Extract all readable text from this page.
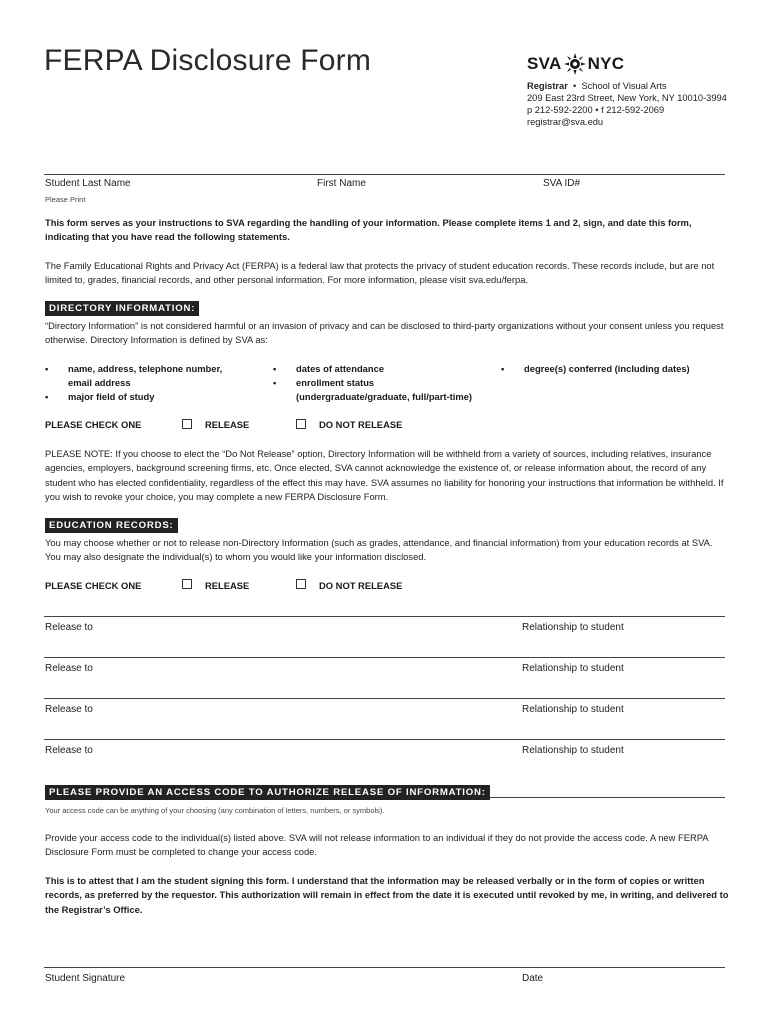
FERPA Disclosure Form	SVA NYC
Registrar  •  School of Visual Arts
209 East 23rd Street, New York, NY 10010-3994
p 212-592-2200 • f 212-592-2069
registrar@sva.edu
Student Last Name
Please Print
First Name	SVA ID#
This form serves as your instructions to SVA regarding the handling of your information. Please complete items 1 and 2, sign, and date this form, indicating that you have read the following statements.
The Family Educational Rights and Privacy Act (FERPA) is a federal law that protects the privacy of student education records. These records include, but are not limited to, grades, financial records, and other personal information. For more information, please visit sva.edu/ferpa.
DIRECTORY INFORMATION:
“Directory Information” is not considered harmful or an invasion of privacy and can be disclosed to third-party organizations without your consent unless you request otherwise. Directory Information is defined by SVA as:
• name, address, telephone number,
email address
• major field of study
• dates of attendance
• enrollment status
(undergraduate/graduate, full/part-time)
• degree(s) conferred (including dates)
PLEASE CHECK ONE	RELEASE	DO NOT RELEASE
PLEASE NOTE: If you choose to elect the “Do Not Release” option, Directory Information will be withheld from a variety of sources, including relatives, insurance agencies, employers, background screening firms, etc. Once elected, SVA cannot acknowledge the existence of, or release information about, the record of any student who has elected confidentiality, regardless of the effect this may have. SVA assumes no liability for honoring your instructions that information be withheld. If you wish to revoke your choice, you may complete a new FERPA Disclosure Form.
EDUCATION RECORDS:
You may choose whether or not to release non-Directory Information (such as grades, attendance, and financial information) from your education records at SVA. You may also designate the individual(s) to whom you would like your information disclosed.
PLEASE CHECK ONE	RELEASE	DO NOT RELEASE
Release to	Relationship to student
Release to	Relationship to student
Release to	Relationship to student
Release to	Relationship to student
PLEASE PROVIDE AN ACCESS CODE TO AUTHORIZE RELEASE OF INFORMATION:
Your access code can be anything of your choosing (any combination of letters, numbers, or symbols).
Provide your access code to the individual(s) listed above. SVA will not release information to an individual if they do not provide the access code. A new FERPA Disclosure Form must be completed to change your access code.
This is to attest that I am the student signing this form. I understand that the information may be released verbally or in the form of copies or written records, as preferred by the requestor. This authorization will remain in effect from the date it is executed until revoked by me, in writing, and delivered to the Registrar’s Office.
Student Signature	Date
